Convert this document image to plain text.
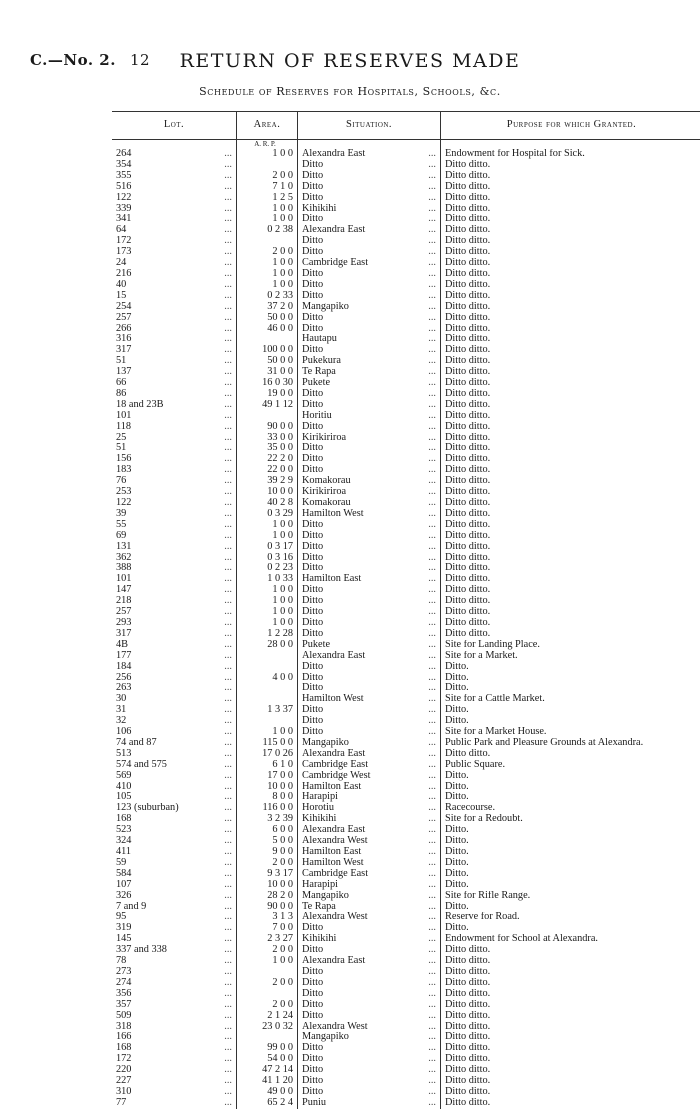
C.—No. 2. 12	RETURN OF RESERVES MADE
Schedule of Reserves for Hospitals, Schools, &c.
Lot.		Area.	Situation.		Purpose for which Granted.
		A. R. P.			
264	...	1 0 0	Alexandra East	...	Endowment for Hospital for Sick.
354	...		Ditto	...	Ditto ditto.
355	...	2 0 0	Ditto	...	Ditto ditto.
516	...	7 1 0	Ditto	...	Ditto ditto.
122	...	1 2 5	Ditto	...	Ditto ditto.
339	...	1 0 0	Kihikihi	...	Ditto ditto.
341	...	1 0 0	Ditto	...	Ditto ditto.
64	...	0 2 38	Alexandra East	...	Ditto ditto.
172	...		Ditto	...	Ditto ditto.
173	...	2 0 0	Ditto	...	Ditto ditto.
24	...	1 0 0	Cambridge East	...	Ditto ditto.
216	...	1 0 0	Ditto	...	Ditto ditto.
40	...	1 0 0	Ditto	...	Ditto ditto.
15	...	0 2 33	Ditto	...	Ditto ditto.
254	...	37 2 0	Mangapiko	...	Ditto ditto.
257	...	50 0 0	Ditto	...	Ditto ditto.
266	...	46 0 0	Ditto	...	Ditto ditto.
316	...		Hautapu	...	Ditto ditto.
317	...	100 0 0	Ditto	...	Ditto ditto.
51	...	50 0 0	Pukekura	...	Ditto ditto.
137	...	31 0 0	Te Rapa	...	Ditto ditto.
66	...	16 0 30	Pukete	...	Ditto ditto.
86	...	19 0 0	Ditto	...	Ditto ditto.
18 and 23B	...	49 1 12	Ditto	...	Ditto ditto.
101	...		Horitiu	...	Ditto ditto.
118	...	90 0 0	Ditto	...	Ditto ditto.
25	...	33 0 0	Kirikiriroa	...	Ditto ditto.
51	...	35 0 0	Ditto	...	Ditto ditto.
156	...	22 2 0	Ditto	...	Ditto ditto.
183	...	22 0 0	Ditto	...	Ditto ditto.
76	...	39 2 9	Komakorau	...	Ditto ditto.
253	...	10 0 0	Kirikiriroa	...	Ditto ditto.
122	...	40 2 8	Komakorau	...	Ditto ditto.
39	...	0 3 29	Hamilton West	...	Ditto ditto.
55	...	1 0 0	Ditto	...	Ditto ditto.
69	...	1 0 0	Ditto	...	Ditto ditto.
131	...	0 3 17	Ditto	...	Ditto ditto.
362	...	0 3 16	Ditto	...	Ditto ditto.
388	...	0 2 23	Ditto	...	Ditto ditto.
101	...	1 0 33	Hamilton East	...	Ditto ditto.
147	...	1 0 0	Ditto	...	Ditto ditto.
218	...	1 0 0	Ditto	...	Ditto ditto.
257	...	1 0 0	Ditto	...	Ditto ditto.
293	...	1 0 0	Ditto	...	Ditto ditto.
317	...	1 2 28	Ditto	...	Ditto ditto.
4B	...	28 0 0	Pukete	...	Site for Landing Place.
177	...		Alexandra East	...	Site for a Market.
184	...		Ditto	...	Ditto.
256	...	4 0 0	Ditto	...	Ditto.
263	...		Ditto	...	Ditto.
30	...		Hamilton West	...	Site for a Cattle Market.
31	...	1 3 37	Ditto	...	Ditto.
32	...		Ditto	...	Ditto.
106	...	1 0 0	Ditto	...	Site for a Market House.
74 and 87	...	115 0 0	Mangapiko	...	Public Park and Pleasure Grounds at Alexandra.
513	...	17 0 26	Alexandra East	...	Ditto ditto.
574 and 575	...	6 1 0	Cambridge East	...	Public Square.
569	...	17 0 0	Cambridge West	...	Ditto.
410	...	10 0 0	Hamilton East	...	Ditto.
105	...	8 0 0	Harapipi	...	Ditto.
123 (suburban)	...	116 0 0	Horotiu	...	Racecourse.
168	...	3 2 39	Kihikihi	...	Site for a Redoubt.
523	...	6 0 0	Alexandra East	...	Ditto.
324	...	5 0 0	Alexandra West	...	Ditto.
411	...	9 0 0	Hamilton East	...	Ditto.
59	...	2 0 0	Hamilton West	...	Ditto.
584	...	9 3 17	Cambridge East	...	Ditto.
107	...	10 0 0	Harapipi	...	Ditto.
326	...	28 2 0	Mangapiko	...	Site for Rifle Range.
7 and 9	...	90 0 0	Te Rapa	...	Ditto.
95	...	3 1 3	Alexandra West	...	Reserve for Road.
319	...	7 0 0	Ditto	...	Ditto.
145	...	2 3 27	Kihikihi	...	Endowment for School at Alexandra.
337 and 338	...	2 0 0	Ditto	...	Ditto ditto.
78	...	1 0 0	Alexandra East	...	Ditto ditto.
273	...		Ditto	...	Ditto ditto.
274	...	2 0 0	Ditto	...	Ditto ditto.
356	...		Ditto	...	Ditto ditto.
357	...	2 0 0	Ditto	...	Ditto ditto.
509	...	2 1 24	Ditto	...	Ditto ditto.
318	...	23 0 32	Alexandra West	...	Ditto ditto.
166	...		Mangapiko	...	Ditto ditto.
168	...	99 0 0	Ditto	...	Ditto ditto.
172	...	54 0 0	Ditto	...	Ditto ditto.
220	...	47 2 14	Ditto	...	Ditto ditto.
227	...	41 1 20	Ditto	...	Ditto ditto.
310	...	49 0 0	Ditto	...	Ditto ditto.
77	...	65 2 4	Puniu	...	Ditto ditto.
